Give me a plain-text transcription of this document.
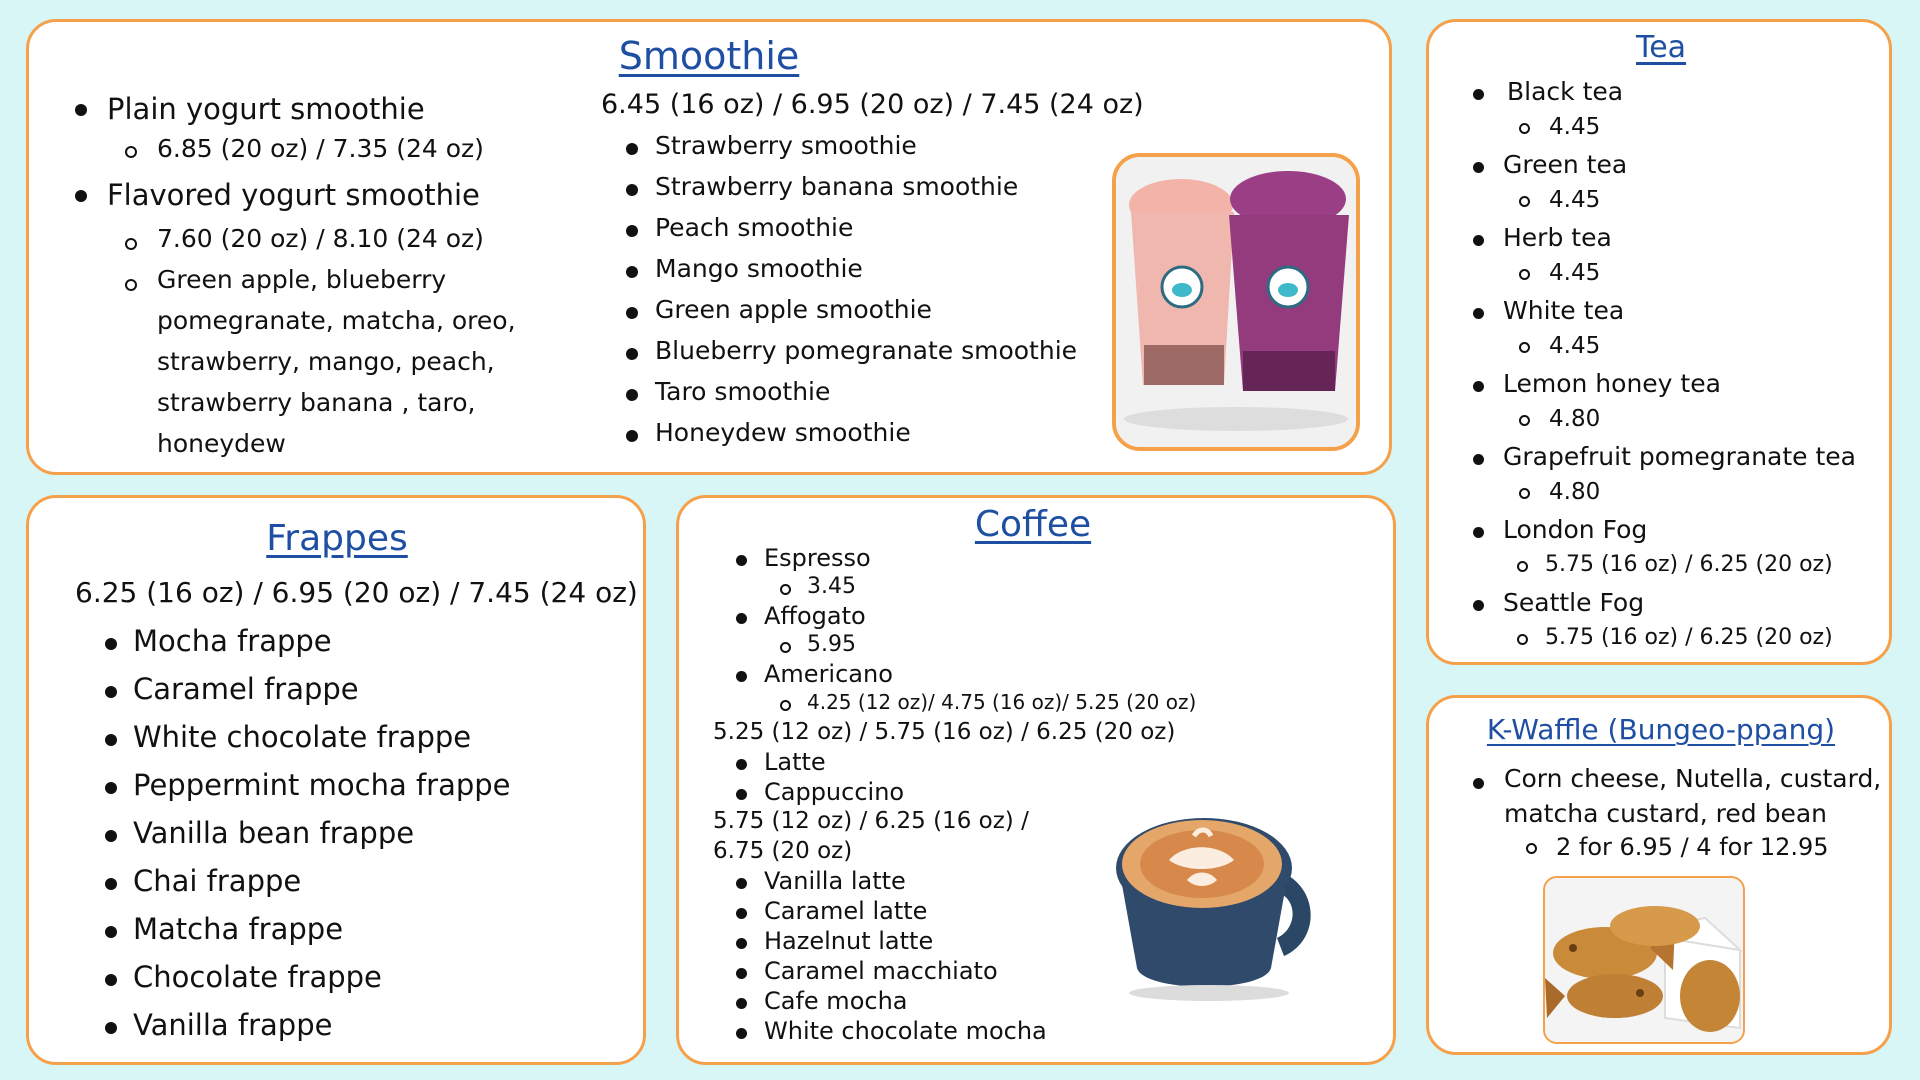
Smoothie
Plain yogurt smoothie
6.85 (20 oz) / 7.35 (24 oz)
Flavored yogurt smoothie
7.60 (20 oz) / 8.10 (24 oz)
Green apple, blueberry
pomegranate, matcha, oreo,
strawberry, mango, peach,
strawberry banana , taro,
honeydew
6.45 (16 oz) / 6.95 (20 oz) / 7.45 (24 oz)
Strawberry smoothie
Strawberry banana smoothie
Peach smoothie
Mango smoothie
Green apple smoothie
Blueberry pomegranate smoothie
Taro smoothie
Honeydew smoothie
Frappes
6.25 (16 oz) / 6.95 (20 oz) / 7.45 (24 oz)
Mocha frappe
Caramel frappe
White chocolate frappe
Peppermint mocha frappe
Vanilla bean frappe
Chai frappe
Matcha frappe
Chocolate frappe
Vanilla frappe
Coffee
Espresso
3.45
Affogato
5.95
Americano
4.25 (12 oz)/ 4.75 (16 oz)/ 5.25 (20 oz)
5.25 (12 oz) / 5.75 (16 oz) / 6.25 (20 oz)
Latte
Cappuccino
5.75 (12 oz) / 6.25 (16 oz) /
6.75 (20 oz)
Vanilla latte
Caramel latte
Hazelnut latte
Caramel macchiato
Cafe mocha
White chocolate mocha
Tea
Black tea
4.45
Green tea
4.45
Herb tea
4.45
White tea
4.45
Lemon honey tea
4.80
Grapefruit pomegranate tea
4.80
London Fog
5.75 (16 oz) / 6.25 (20 oz)
Seattle Fog
5.75 (16 oz) / 6.25 (20 oz)
K-Waffle (Bungeo-ppang)
Corn cheese, Nutella, custard,
matcha custard, red bean
2 for 6.95 / 4 for 12.95
